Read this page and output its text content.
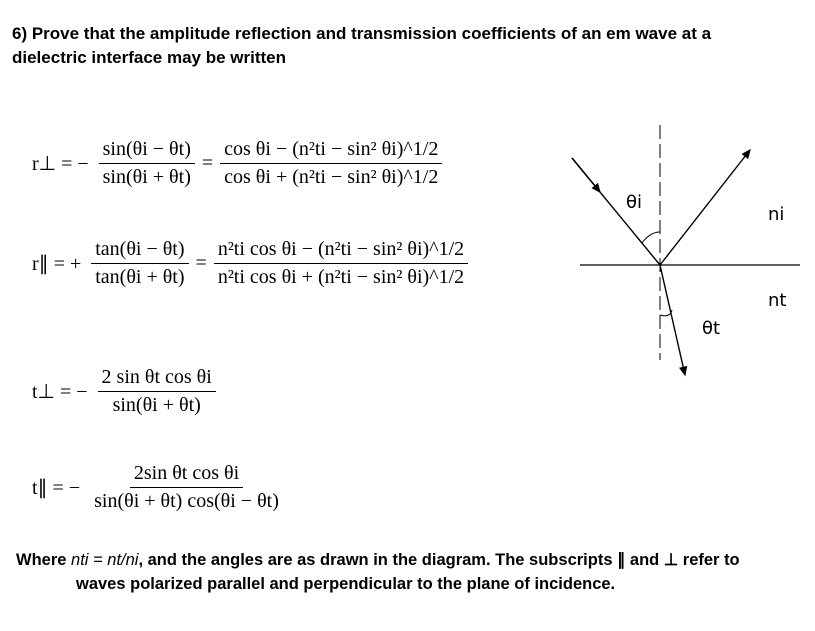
6) Prove that the amplitude reflection and transmission coefficients of an em wave at a
dielectric interface may be written
r⊥ = − $\frac{\sin(\theta i - \theta t)}{\sin(\theta i + \theta t)} = \frac{\text{cos θi − (n²ti − sin² θi)\textasciicircum{}1/2}}{\text{cos θi + (n²ti − sin² θi)\textasciicircum{}1/2}}$
r∥ = + $\frac{\tan(\theta i - \theta t)}{\tan(\theta i + \theta t)} = \frac{\text{n²ti cos θi − (n²ti − sin² θi)\textasciicircum{}1/2}}{\text{n²ti cos θi + (n²ti − sin² θi)\textasciicircum{}1/2}}$
t⊥ = − $\frac{\text{2 sin θt cos θi}}{\sin(\theta i + \theta t)}$
t∥ = − $\frac{\text{2sin θt cos θi}}{\sin(\theta i + \theta t) \cos(\theta i - \theta t)}$
θi
θt
ni
nt
Where nti = nt/ni, and the angles are as drawn in the diagram. The subscripts ∥ and ⊥ refer to
waves polarized parallel and perpendicular to the plane of incidence.
